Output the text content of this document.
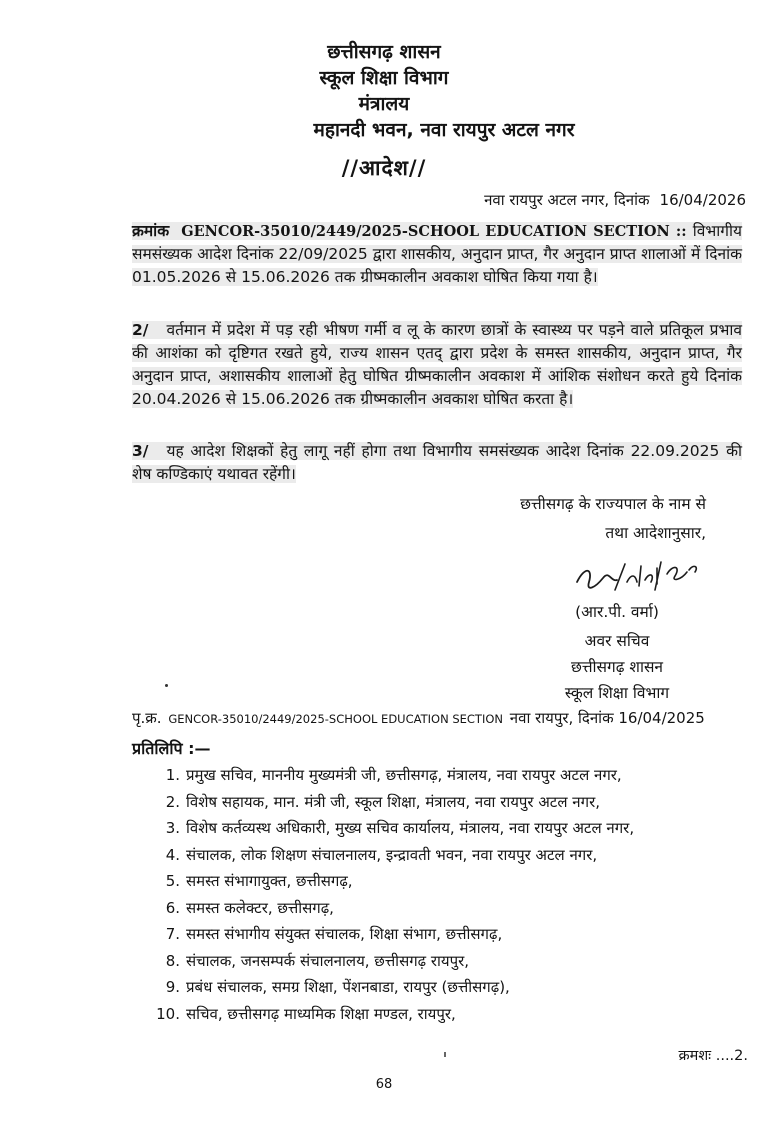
छत्तीसगढ़ शासन
स्कूल शिक्षा विभाग
मंत्रालय
महानदी भवन, नवा रायपुर अटल नगर
//आदेश//
नवा रायपुर अटल नगर, दिनांक 16/04/2026
क्रमांक GENCOR-35010/2449/2025-SCHOOL EDUCATION SECTION :: विभागीय समसंख्यक आदेश दिनांक 22/09/2025 द्वारा शासकीय, अनुदान प्राप्त, गैर अनुदान प्राप्त शालाओं में दिनांक 01.05.2026 से 15.06.2026 तक ग्रीष्मकालीन अवकाश घोषित किया गया है।
2/ वर्तमान में प्रदेश में पड़ रही भीषण गर्मी व लू के कारण छात्रों के स्वास्थ्य पर पड़ने वाले प्रतिकूल प्रभाव की आशंका को दृष्टिगत रखते हुये, राज्य शासन एतद् द्वारा प्रदेश के समस्त शासकीय, अनुदान प्राप्त, गैर अनुदान प्राप्त, अशासकीय शालाओं हेतु घोषित ग्रीष्मकालीन अवकाश में आंशिक संशोधन करते हुये दिनांक 20.04.2026 से 15.06.2026 तक ग्रीष्मकालीन अवकाश घोषित करता है।
3/ यह आदेश शिक्षकों हेतु लागू नहीं होगा तथा विभागीय समसंख्यक आदेश दिनांक 22.09.2025 की शेष कण्डिकाएं यथावत रहेंगी।
छत्तीसगढ़ के राज्यपाल के नाम से
तथा आदेशानुसार,
(आर.पी. वर्मा)
अवर सचिव
छत्तीसगढ़ शासन
स्कूल शिक्षा विभाग
पृ.क्र. GENCOR-35010/2449/2025-SCHOOL EDUCATION SECTION नवा रायपुर, दिनांक 16/04/2025
प्रतिलिपि :—
1. प्रमुख सचिव, माननीय मुख्यमंत्री जी, छत्तीसगढ़, मंत्रालय, नवा रायपुर अटल नगर,
2. विशेष सहायक, मान. मंत्री जी, स्कूल शिक्षा, मंत्रालय, नवा रायपुर अटल नगर,
3. विशेष कर्तव्यस्थ अधिकारी, मुख्य सचिव कार्यालय, मंत्रालय, नवा रायपुर अटल नगर,
4. संचालक, लोक शिक्षण संचालनालय, इन्द्रावती भवन, नवा रायपुर अटल नगर,
5. समस्त संभागायुक्त, छत्तीसगढ़,
6. समस्त कलेक्टर, छत्तीसगढ़,
7. समस्त संभागीय संयुक्त संचालक, शिक्षा संभाग, छत्तीसगढ़,
8. संचालक, जनसम्पर्क संचालनालय, छत्तीसगढ़ रायपुर,
9. प्रबंध संचालक, समग्र शिक्षा, पेंशनबाडा, रायपुर (छत्तीसगढ़),
10. सचिव, छत्तीसगढ़ माध्यमिक शिक्षा मण्डल, रायपुर,
क्रमशः ....2.
68
